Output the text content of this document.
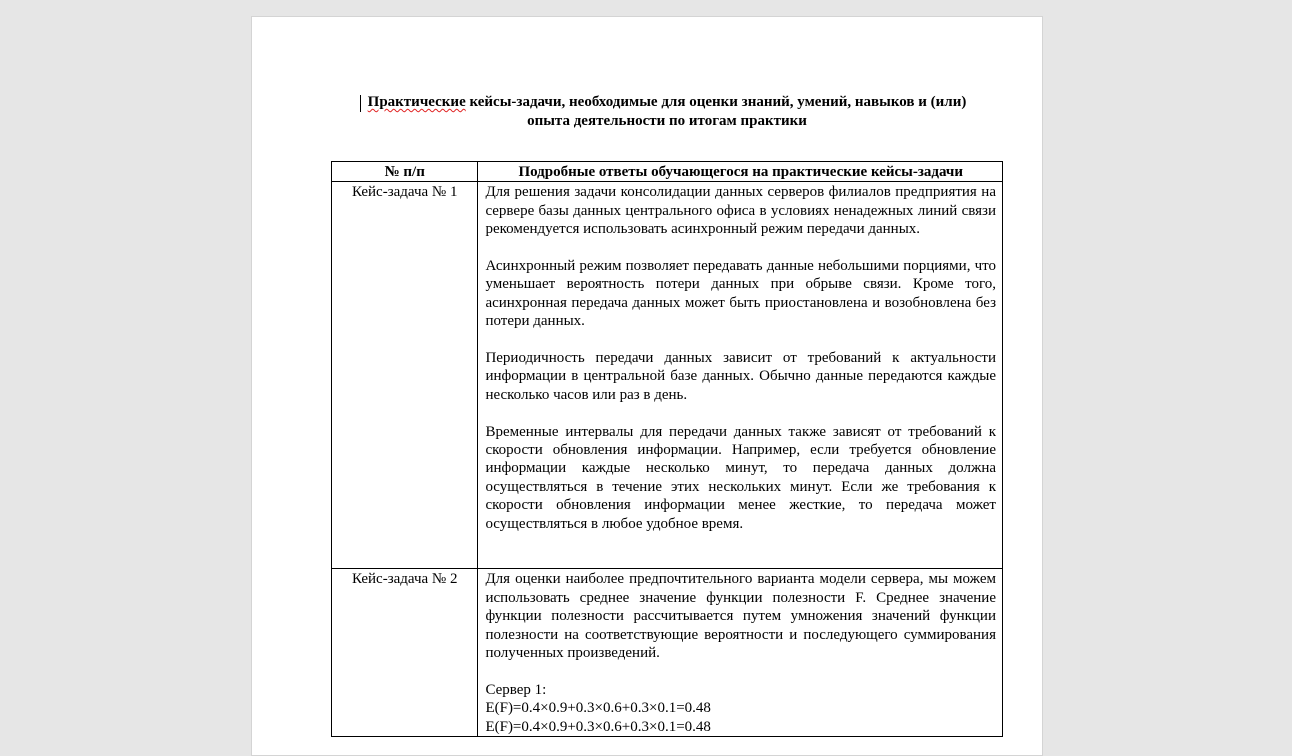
Практические кейсы-задачи, необходимые для оценки знаний, умений, навыков и (или)
опыта деятельности по итогам практики
№ п/п	Подробные ответы обучающегося на практические кейсы-задачи
Кейс-задача № 1	Для решения задачи консолидации данных серверов филиалов предприятия на сервере базы данных центрального офиса в условиях ненадежных линий связи рекомендуется использовать асинхронный режим передачи данных.

Асинхронный режим позволяет передавать данные небольшими порциями, что уменьшает вероятность потери данных при обрыве связи. Кроме того, асинхронная передача данных может быть приостановлена и возобновлена без потери данных.

Периодичность передачи данных зависит от требований к актуальности информации в центральной базе данных. Обычно данные передаются каждые несколько часов или раз в день.

Временные интервалы для передачи данных также зависят от требований к скорости обновления информации. Например, если требуется обновление информации каждые несколько минут, то передача данных должна осуществляться в течение этих нескольких минут. Если же требования к скорости обновления информации менее жесткие, то передача может осуществляться в любое удобное время.

Кейс-задача № 2	Для оценки наиболее предпочтительного варианта модели сервера, мы можем использовать среднее значение функции полезности F. Среднее значение функции полезности рассчитывается путем умножения значений функции полезности на соответствующие вероятности и последующего суммирования полученных произведений.

Сервер 1:

E(F)=0.4×0.9+0.3×0.6+0.3×0.1=0.48

E(F)=0.4×0.9+0.3×0.6+0.3×0.1=0.48
